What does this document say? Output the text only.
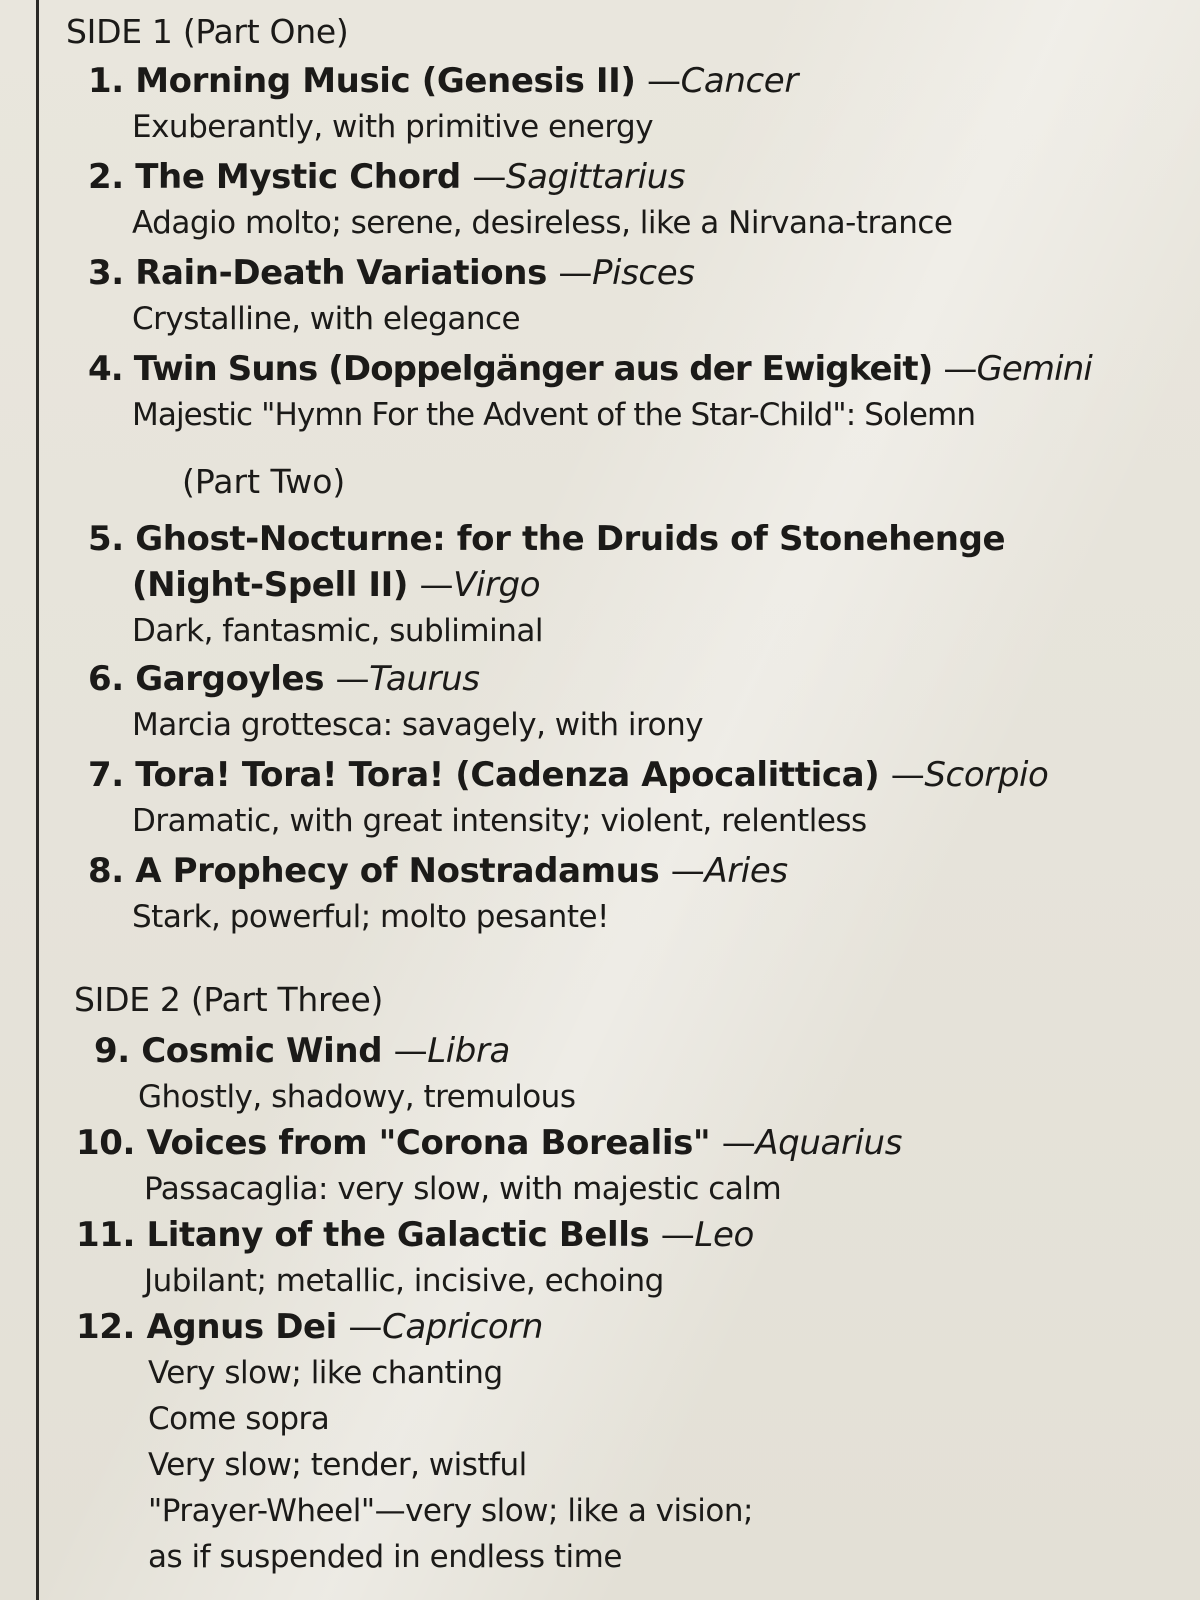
SIDE 1 (Part One)
1. Morning Music (Genesis II) —Cancer
Exuberantly, with primitive energy
2. The Mystic Chord —Sagittarius
Adagio molto; serene, desireless, like a Nirvana-trance
3. Rain-Death Variations —Pisces
Crystalline, with elegance
4. Twin Suns (Doppelgänger aus der Ewigkeit) —Gemini
Majestic "Hymn For the Advent of the Star-Child": Solemn
(Part Two)
5. Ghost-Nocturne: for the Druids of Stonehenge
(Night-Spell II) —Virgo
Dark, fantasmic, subliminal
6. Gargoyles —Taurus
Marcia grottesca: savagely, with irony
7. Tora! Tora! Tora! (Cadenza Apocalittica) —Scorpio
Dramatic, with great intensity; violent, relentless
8. A Prophecy of Nostradamus —Aries
Stark, powerful; molto pesante!
SIDE 2 (Part Three)
9. Cosmic Wind —Libra
Ghostly, shadowy, tremulous
10. Voices from "Corona Borealis" —Aquarius
Passacaglia: very slow, with majestic calm
11. Litany of the Galactic Bells —Leo
Jubilant; metallic, incisive, echoing
12. Agnus Dei —Capricorn
Very slow; like chanting
Come sopra
Very slow; tender, wistful
"Prayer-Wheel"—very slow; like a vision;
as if suspended in endless time
